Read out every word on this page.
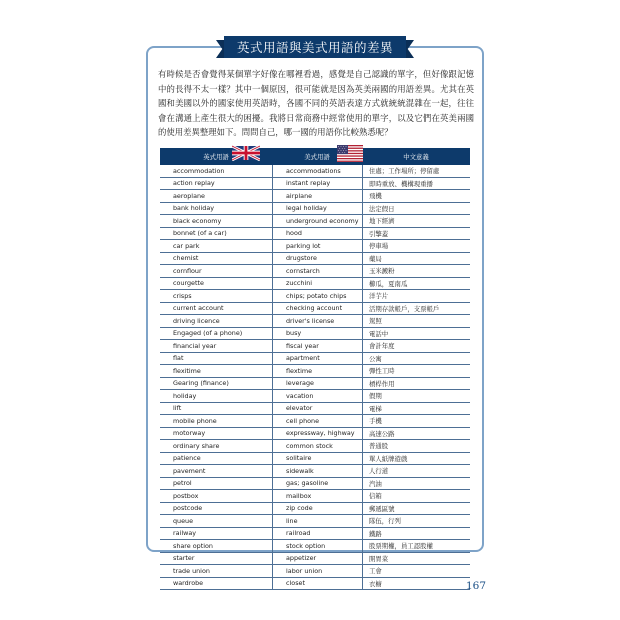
英式用語與美式用語的差異

有時候是否會覺得某個單字好像在哪裡看過，感覺是自己認識的單字，但好像跟記憶中的長得不太一樣？其中一個原因，很可能就是因為英美兩國的用語差異。尤其在英國和美國以外的國家使用英語時，各國不同的英語表達方式就統統混雜在一起，往往會在溝通上產生很大的困擾。我將日常商務中經常使用的單字，以及它們在英美兩國的使用差異整理如下。問問自己，哪一國的用語你比較熟悉呢？

英式用語	美式用語	中文意義
accommodation	accommodations	住處；工作場所；停留處
action replay	instant replay	即時重放、機構現重播
aeroplane	airplane	飛機
bank holiday	legal holiday	法定假日
black economy	underground economy	地下經濟
bonnet (of a car)	hood	引擎蓋
car park	parking lot	停車場
chemist	drugstore	藥局
cornflour	cornstarch	玉米澱粉
courgette	zucchini	櫛瓜，夏南瓜
crisps	chips; potato chips	洋芋片
current account	checking account	活期存款帳戶，支票帳戶
driving licence	driver's license	駕照
Engaged (of a phone)	busy	電話中
financial year	fiscal year	會計年度
flat	apartment	公寓
flexitime	flextime	彈性工時
Gearing (finance)	leverage	槓桿作用
holiday	vacation	假期
lift	elevator	電梯
mobile phone	cell phone	手機
motorway	expressway, highway	高速公路
ordinary share	common stock	普通股
patience	solitaire	單人紙牌遊戲
pavement	sidewalk	人行道
petrol	gas; gasoline	汽油
postbox	mailbox	信箱
postcode	zip code	郵遞區號
queue	line	隊伍，行列
railway	railroad	鐵路
share option	stock option	股票期權，員工認股權
starter	appetizer	開胃菜
trade union	labor union	工會
wardrobe	closet	衣櫥	167
